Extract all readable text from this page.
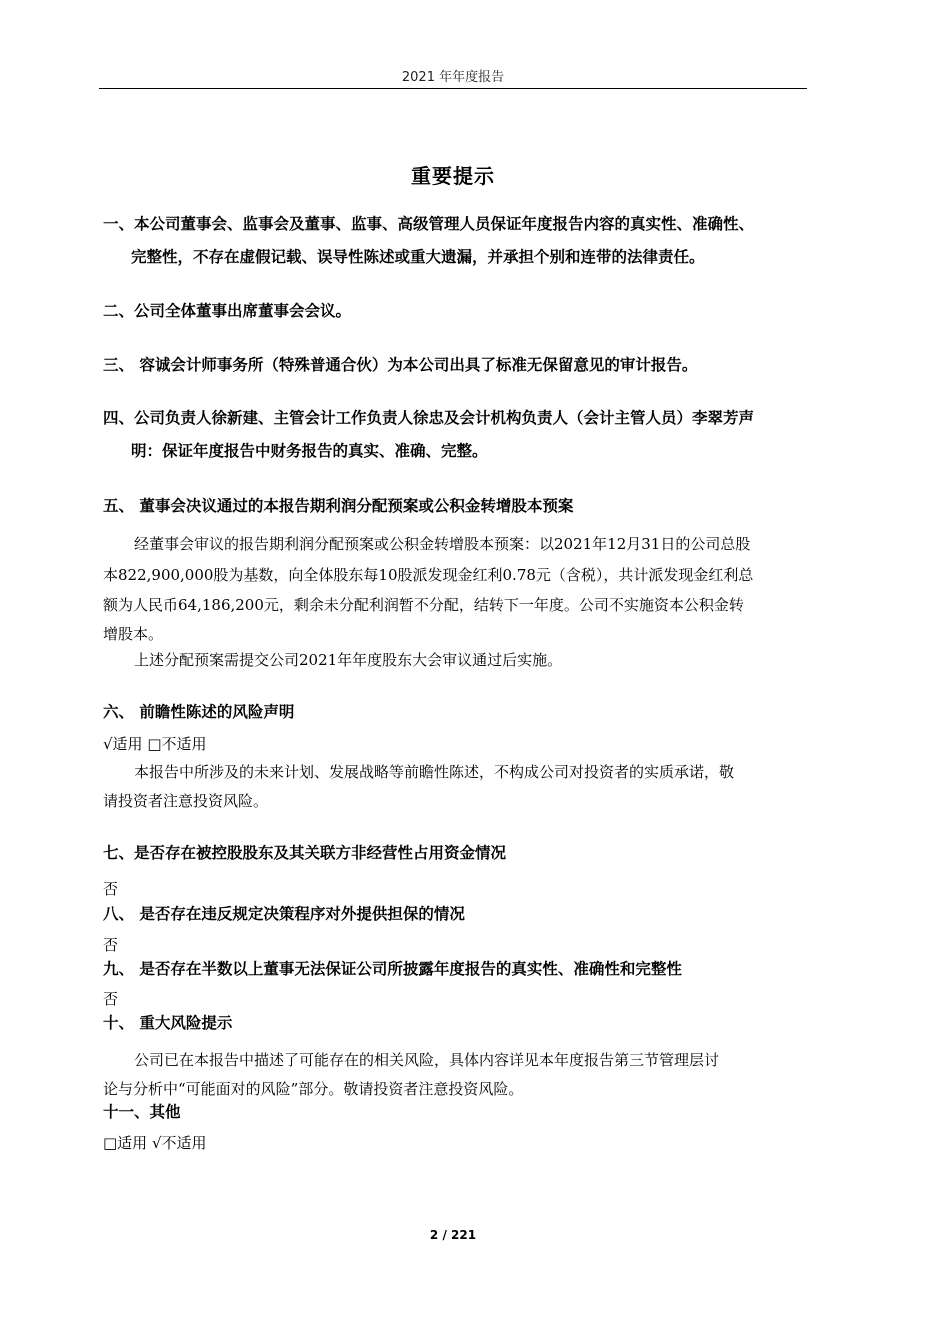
2021 年年度报告
重要提示
一、本公司董事会、监事会及董事、监事、高级管理人员保证年度报告内容的真实性、准确性、
完整性，不存在虚假记载、误导性陈述或重大遗漏，并承担个别和连带的法律责任。
二、公司全体董事出席董事会会议。
三、 容诚会计师事务所（特殊普通合伙）为本公司出具了标准无保留意见的审计报告。
四、公司负责人徐新建、主管会计工作负责人徐忠及会计机构负责人（会计主管人员）李翠芳声
明：保证年度报告中财务报告的真实、准确、完整。
五、 董事会决议通过的本报告期利润分配预案或公积金转增股本预案
经董事会审议的报告期利润分配预案或公积金转增股本预案：以2021年12月31日的公司总股
本822,900,000股为基数，向全体股东每10股派发现金红利0.78元（含税），共计派发现金红利总
额为人民币64,186,200元，剩余未分配利润暂不分配，结转下一年度。公司不实施资本公积金转
增股本。
上述分配预案需提交公司2021年年度股东大会审议通过后实施。
六、 前瞻性陈述的风险声明
√适用 □不适用
本报告中所涉及的未来计划、发展战略等前瞻性陈述，不构成公司对投资者的实质承诺，敬
请投资者注意投资风险。
七、是否存在被控股股东及其关联方非经营性占用资金情况
否
八、 是否存在违反规定决策程序对外提供担保的情况
否
九、 是否存在半数以上董事无法保证公司所披露年度报告的真实性、准确性和完整性
否
十、 重大风险提示
公司已在本报告中描述了可能存在的相关风险，具体内容详见本年度报告第三节管理层讨
论与分析中“可能面对的风险”部分。敬请投资者注意投资风险。
十一、其他
□适用 √不适用
2 / 221
